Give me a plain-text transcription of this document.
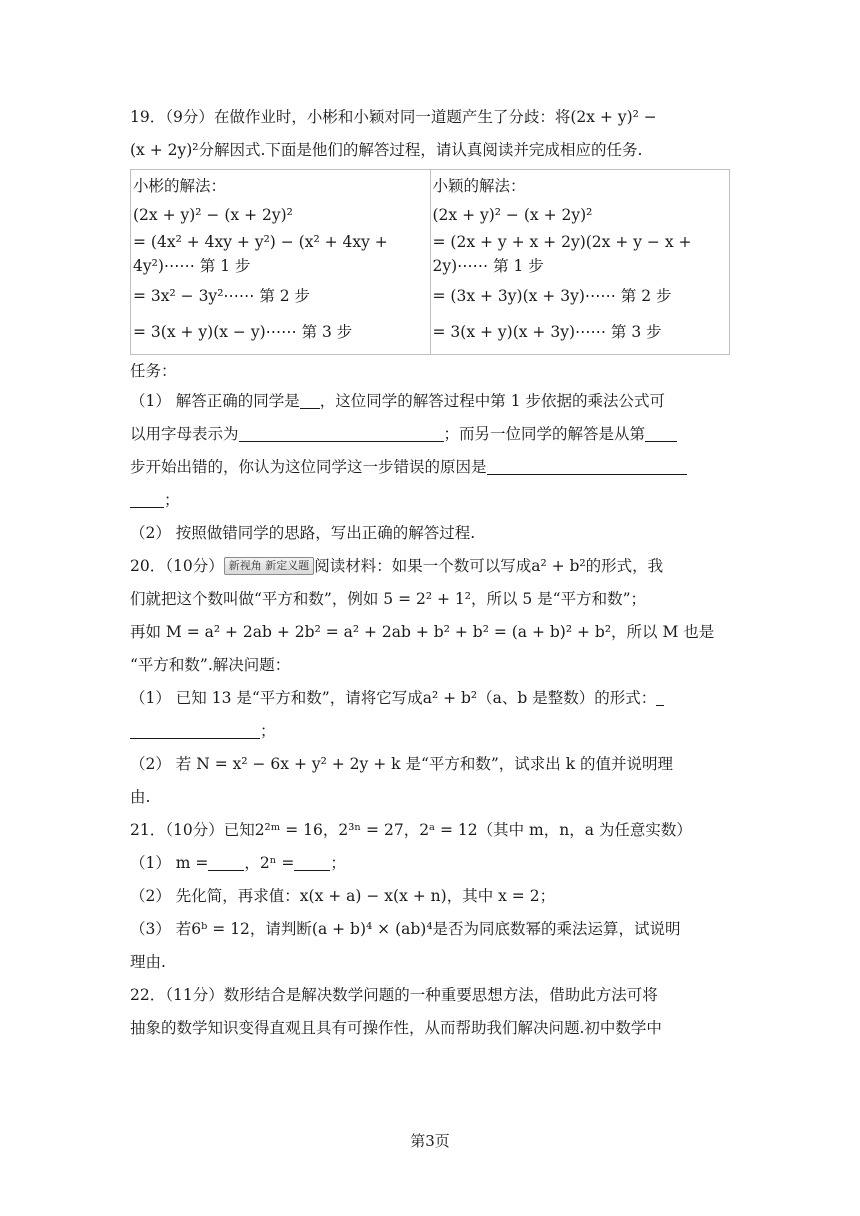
19．（9分）在做作业时，小彬和小颖对同一道题产生了分歧：将(2x + y)² −
(x + 2y)²分解因式.下面是他们的解答过程，请认真阅读并完成相应的任务.
小彬的解法：
(2x + y)² − (x + 2y)²
= (4x² + 4xy + y²) − (x² + 4xy +
4y²)⋯⋯ 第 1 步
= 3x² − 3y²⋯⋯ 第 2 步
= 3(x + y)(x − y)⋯⋯ 第 3 步

小颖的解法：
(2x + y)² − (x + 2y)²
= (2x + y + x + 2y)(2x + y − x +
2y)⋯⋯ 第 1 步
= (3x + 3y)(x + 3y)⋯⋯ 第 2 步
= 3(x + y)(x + 3y)⋯⋯ 第 3 步
任务：
（1） 解答正确的同学是 ，这位同学的解答过程中第 1 步依据的乘法公式可
以用字母表示为	；而另一位同学的解答是从第
步开始出错的，你认为这位同学这一步错误的原因是
；
（2） 按照做错同学的思路，写出正确的解答过程.
20．（10分） 新视角 新定义题 阅读材料：如果一个数可以写成a² + b²的形式，我
们就把这个数叫做“平方和数”，例如 5 = 2² + 1²，所以 5 是“平方和数”；
再如 M = a² + 2ab + 2b² = a² + 2ab + b² + b² = (a + b)² + b²，所以 M 也是
“平方和数”.解决问题：
（1） 已知 13 是“平方和数”，请将它写成a² + b²（a、b 是整数）的形式：
；
（2） 若 N = x² − 6x + y² + 2y + k 是“平方和数”，试求出 k 的值并说明理
由.
21．（10分）已知2²ᵐ = 16，2³ⁿ = 27，2ᵃ = 12（其中 m，n，a 为任意实数）
（1） m = ，2ⁿ = ；
（2） 先化简，再求值：x(x + a) − x(x + n)，其中 x = 2；
（3） 若6ᵇ = 12，请判断(a + b)⁴ × (ab)⁴是否为同底数幂的乘法运算，试说明
理由.
22．（11分）数形结合是解决数学问题的一种重要思想方法，借助此方法可将
抽象的数学知识变得直观且具有可操作性，从而帮助我们解决问题.初中数学中
第3页
